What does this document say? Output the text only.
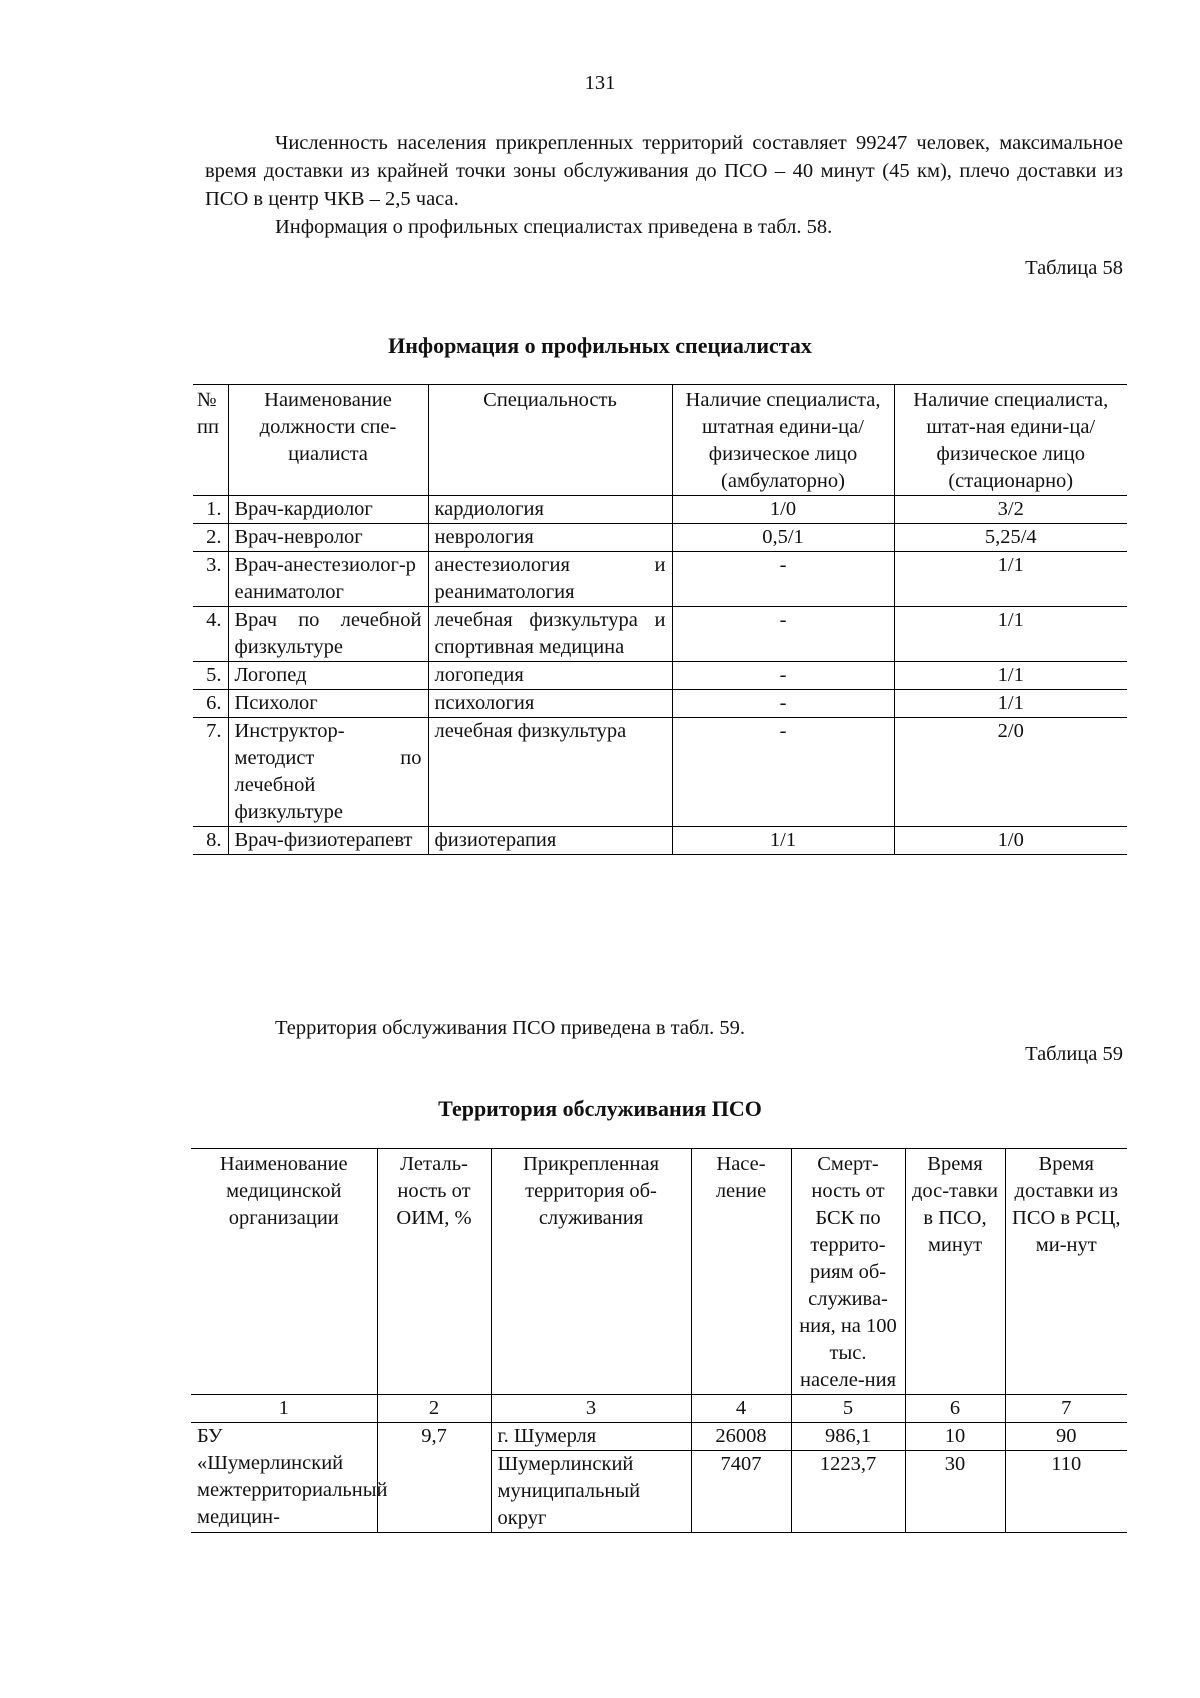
131

Численность населения прикрепленных территорий составляет 99247 человек, максимальное время доставки из крайней точки зоны обслуживания до ПСО – 40 минут (45 км), плечо доставки из ПСО в центр ЧКВ – 2,5 часа.

Информация о профильных специалистах приведена в табл. 58.

Таблица 58
Информация о профильных специалистах
№ пп	Наименование должности спе-циалиста	Специальность	Наличие специалиста, штатная едини-ца/физическое лицо (амбулаторно)	Наличие специалиста, штат-ная едини-ца/физическое лицо (стационарно)
1.	Врач-кардиолог	кардиология	1/0	3/2
2.	Врач-невролог	неврология	0,5/1	5,25/4
3.	Врач-анестезиолог-реаниматолог	анестезиология и реаниматология	-	1/1
4.	Врач по лечебной физкультуре	лечебная физкультура и спортивная медицина	-	1/1
5.	Логопед	логопедия	-	1/1
6.	Психолог	психология	-	1/1
7.	Инструктор-методист по лечебной физкультуре	лечебная физкультура	-	2/0
8.	Врач-физиотерапевт	физиотерапия	1/1	1/0
Территория обслуживания ПСО приведена в табл. 59.
Таблица 59
Территория обслуживания ПСО
Наименование медицинской организации	Леталь-ность от ОИМ, %	Прикрепленная территория об-служивания	Насе-ление	Смерт-ность от БСК по террито-риям об-служива-ния, на 100 тыс. населе-ния	Время дос-тавки в ПСО, минут	Время доставки из ПСО в РСЦ, ми-нут
1	2	3	4	5	6	7
БУ «Шумерлинский межтерриториальный медицин-	9,7	г. Шумерля	26008	986,1	10	90
		Шумерлинский муниципальный округ	7407	1223,7	30	110
